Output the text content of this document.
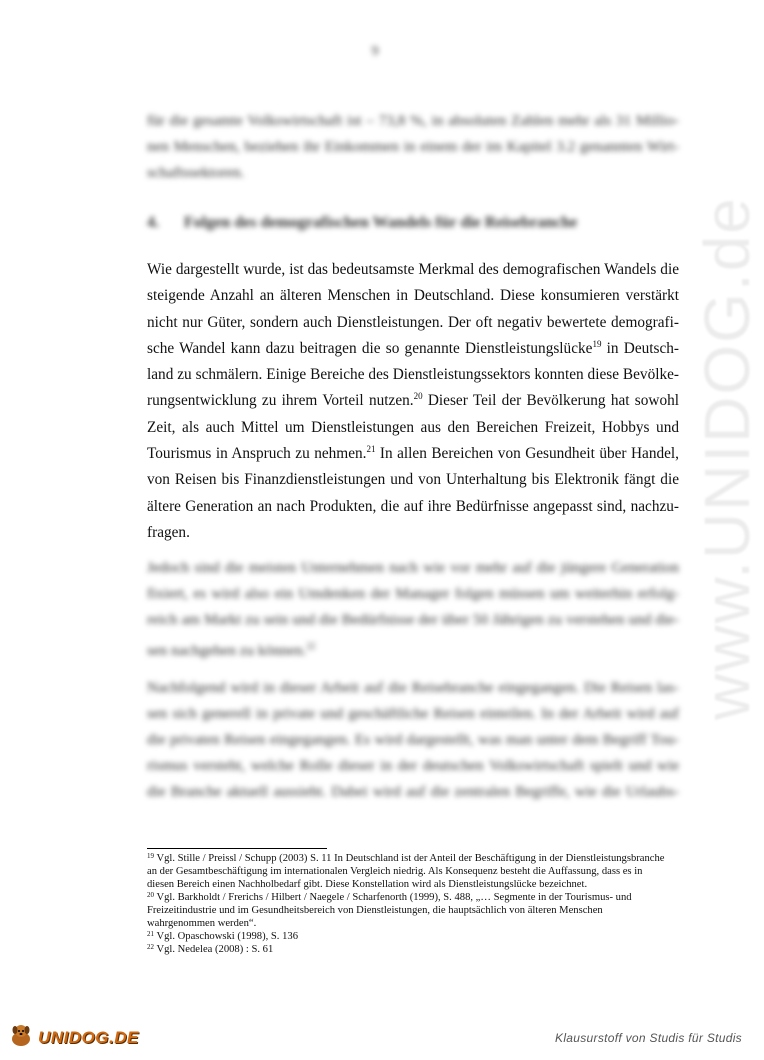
www.UNIDOG.de
9
für die gesamte Volkswirtschaft ist – 73,8 %, in absoluten Zahlen mehr als 31 Millio-
nen Menschen, beziehen ihr Einkommen in einem der im Kapitel 3.2 genannten Wirt-
schaftssektoren.
4. Folgen des demografischen Wandels für die Reisebranche
Wie dargestellt wurde, ist das bedeutsamste Merkmal des demografischen Wandels die
steigende Anzahl an älteren Menschen in Deutschland. Diese konsumieren verstärkt
nicht nur Güter, sondern auch Dienstleistungen. Der oft negativ bewertete demografi-
sche Wandel kann dazu beitragen die so genannte Dienstleistungslücke$^{19}$ in Deutsch-
land zu schmälern. Einige Bereiche des Dienstleistungssektors konnten diese Bevölke-
rungsentwicklung zu ihrem Vorteil nutzen.$^{20}$ Dieser Teil der Bevölkerung hat sowohl
Zeit, als auch Mittel um Dienstleistungen aus den Bereichen Freizeit, Hobbys und
Tourismus in Anspruch zu nehmen.$^{21}$ In allen Bereichen von Gesundheit über Handel,
von Reisen bis Finanzdienstleistungen und von Unterhaltung bis Elektronik fängt die
ältere Generation an nach Produkten, die auf ihre Bedürfnisse angepasst sind, nachzu-
fragen.
Jedoch sind die meisten Unternehmen nach wie vor mehr auf die jüngere Generation
fixiert, es wird also ein Umdenken der Manager folgen müssen um weiterhin erfolg-
reich am Markt zu sein und die Bedürfnisse der über 50 Jährigen zu verstehen und die-
sen nachgehen zu können.$^{22}$
Nachfolgend wird in dieser Arbeit auf die Reisebranche eingegangen. Die Reisen las-
sen sich generell in private und geschäftliche Reisen einteilen. In der Arbeit wird auf
die privaten Reisen eingegangen. Es wird dargestellt, was man unter dem Begriff Tou-
rismus versteht, welche Rolle dieser in der deutschen Volkswirtschaft spielt und wie
die Branche aktuell aussieht. Dabei wird auf die zentralen Begriffe, wie die Urlaubs-

$^{19}$ Vgl. Stille / Preissl / Schupp (2003) S. 11 In Deutschland ist der Anteil der Beschäftigung in der Dienstleistungsbranche an der Gesamtbeschäftigung im internationalen Vergleich niedrig. Als Konsequenz besteht die Auffassung, dass es in diesen Bereich einen Nachholbedarf gibt. Diese Konstellation wird als Dienstleistungslücke bezeichnet.

$^{20}$ Vgl. Barkholdt / Frerichs / Hilbert / Naegele / Scharfenorth (1999), S. 488, „… Segmente in der Tourismus- und Freizeitindustrie und im Gesundheitsbereich von Dienstleistungen, die hauptsächlich von älteren Menschen wahrgenommen werden“.

$^{21}$ Vgl. Opaschowski (1998), S. 136

$^{22}$ Vgl. Nedelea (2008) : S. 61

UNIDOG.DE	Klausurstoff von Studis für Studis
